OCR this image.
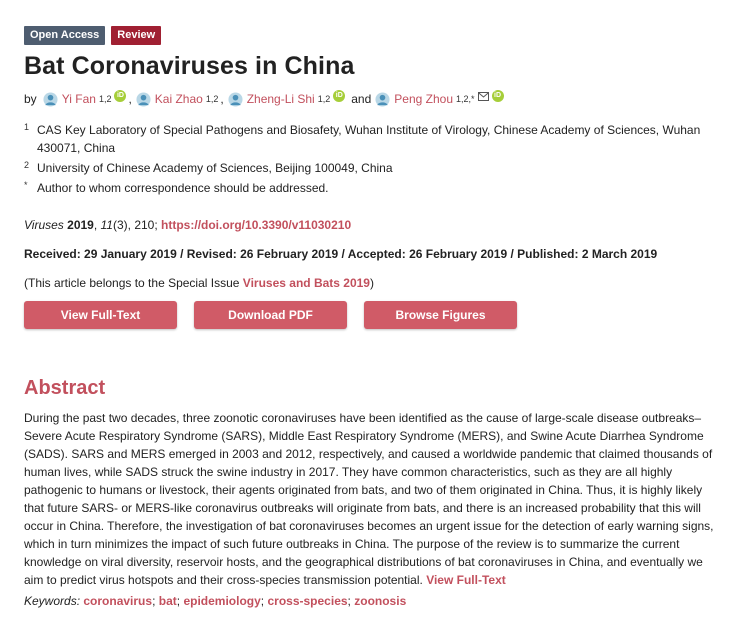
Open Access	Review
Bat Coronaviruses in China
by Yi Fan 1,2 iD , Kai Zhao 1,2 , Zheng-Li Shi 1,2 iD and Peng Zhou 1,2,*	iD
1 CAS Key Laboratory of Special Pathogens and Biosafety, Wuhan Institute of Virology, Chinese Academy of Sciences, Wuhan 430071, China
2 University of Chinese Academy of Sciences, Beijing 100049, China
* Author to whom correspondence should be addressed.
Viruses 2019, 11(3), 210; https://doi.org/10.3390/v11030210
Received: 29 January 2019 / Revised: 26 February 2019 / Accepted: 26 February 2019 / Published: 2 March 2019
(This article belongs to the Special Issue Viruses and Bats 2019)
View Full-Text	Download PDF	Browse Figures
Abstract
During the past two decades, three zoonotic coronaviruses have been identified as the cause of large-scale disease outbreaks–Severe Acute Respiratory Syndrome (SARS), Middle East Respiratory Syndrome (MERS), and Swine Acute Diarrhea Syndrome (SADS). SARS and MERS emerged in 2003 and 2012, respectively, and caused a worldwide pandemic that claimed thousands of human lives, while SADS struck the swine industry in 2017. They have common characteristics, such as they are all highly pathogenic to humans or livestock, their agents originated from bats, and two of them originated in China. Thus, it is highly likely that future SARS- or MERS-like coronavirus outbreaks will originate from bats, and there is an increased probability that this will occur in China. Therefore, the investigation of bat coronaviruses becomes an urgent issue for the detection of early warning signs, which in turn minimizes the impact of such future outbreaks in China. The purpose of the review is to summarize the current knowledge on viral diversity, reservoir hosts, and the geographical distributions of bat coronaviruses in China, and eventually we aim to predict virus hotspots and their cross-species transmission potential. View Full-Text
Keywords: coronavirus; bat; epidemiology; cross-species; zoonosis
